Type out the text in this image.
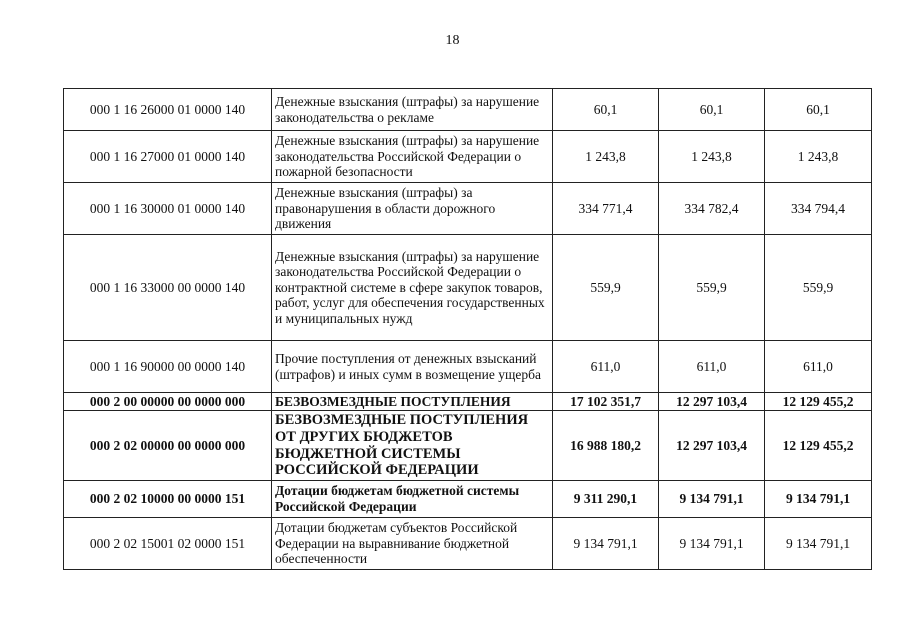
18
000 1 16 26000 01 0000 140	Денежные взыскания (штрафы) за нарушение законодательства о рекламе	60,1	60,1	60,1
000 1 16 27000 01 0000 140	Денежные взыскания (штрафы) за нарушение законодательства Российской Федерации о пожарной безопасности	1 243,8	1 243,8	1 243,8
000 1 16 30000 01 0000 140	Денежные взыскания (штрафы) за правонарушения в области дорожного движения	334 771,4	334 782,4	334 794,4
000 1 16 33000 00 0000 140	Денежные взыскания (штрафы) за нарушение законодательства Российской Федерации о контрактной системе в сфере закупок товаров, работ, услуг для обеспечения государственных и муниципальных нужд	559,9	559,9	559,9
000 1 16 90000 00 0000 140	Прочие поступления от денежных взысканий (штрафов) и иных сумм в возмещение ущерба	611,0	611,0	611,0
000 2 00 00000 00 0000 000	БЕЗВОЗМЕЗДНЫЕ ПОСТУПЛЕНИЯ	17 102 351,7	12 297 103,4	12 129 455,2
000 2 02 00000 00 0000 000	БЕЗВОЗМЕЗДНЫЕ ПОСТУПЛЕНИЯ ОТ ДРУГИХ БЮДЖЕТОВ БЮДЖЕТНОЙ СИСТЕМЫ РОССИЙСКОЙ ФЕДЕРАЦИИ	16 988 180,2	12 297 103,4	12 129 455,2
000 2 02 10000 00 0000 151	Дотации бюджетам бюджетной системы Российской Федерации	9 311 290,1	9 134 791,1	9 134 791,1
000 2 02 15001 02 0000 151	Дотации бюджетам субъектов Российской Федерации на выравнивание бюджетной обеспеченности	9 134 791,1	9 134 791,1	9 134 791,1
